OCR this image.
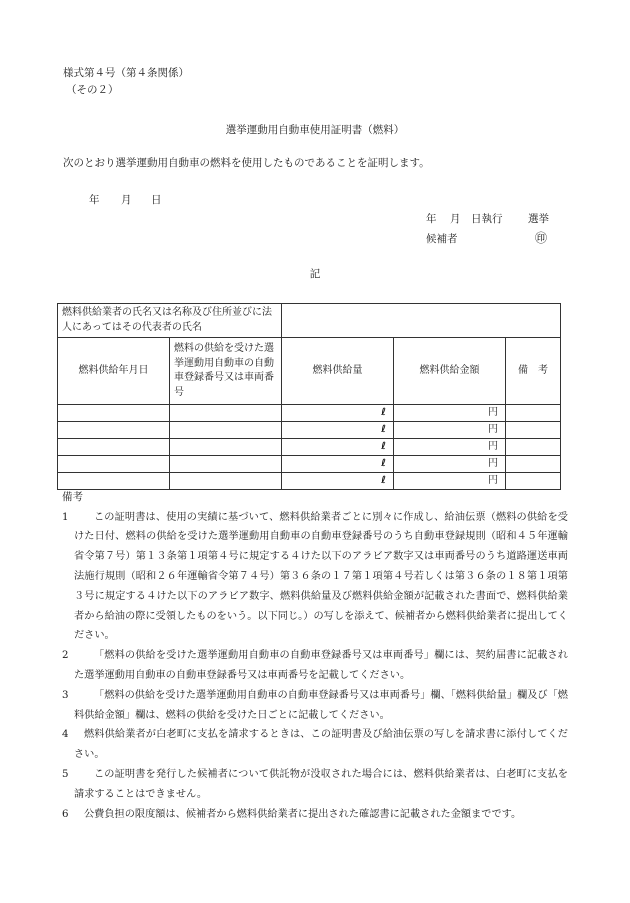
様式第４号（第４条関係）
（その２）
選挙運動用自動車使用証明書（燃料）
次のとおり選挙運動用自動車の燃料を使用したものであることを証明します。
年 月 日
年 月 日執行 選挙
候補者	㊞
記
燃料供給業者の氏名又は名称及び住所並びに法人にあってはその代表者の氏名				
燃料供給年月日	燃料の供給を受けた選挙運動用自動車の自動車登録番号又は車両番号	燃料供給量	燃料供給金額	備　考
		ℓ	円	
		ℓ	円	
		ℓ	円	
		ℓ	円	
		ℓ	円	
備考
1	この証明書は、使用の実績に基づいて、燃料供給業者ごとに別々に作成し、給油伝票（燃料の供給を受けた日付、燃料の供給を受けた選挙運動用自動車の自動車登録番号のうち自動車登録規則（昭和４５年運輸省令第７号）第１３条第１項第４号に規定する４けた以下のアラビア数字又は車両番号のうち道路運送車両法施行規則（昭和２６年運輸省令第７４号）第３６条の１７第１項第４号若しくは第３６条の１８第１項第３号に規定する４けた以下のアラビア数字、燃料供給量及び燃料供給金額が記載された書面で、燃料供給業者から給油の際に受領したものをいう。以下同じ。）の写しを添えて、候補者から燃料供給業者に提出してください。
2	「燃料の供給を受けた選挙運動用自動車の自動車登録番号又は車両番号」欄には、契約届書に記載された選挙運動用自動車の自動車登録番号又は車両番号を記載してください。
3	「燃料の供給を受けた選挙運動用自動車の自動車登録番号又は車両番号」欄、「燃料供給量」欄及び「燃料供給金額」欄は、燃料の供給を受けた日ごとに記載してください。
4	燃料供給業者が白老町に支払を請求するときは、この証明書及び給油伝票の写しを請求書に添付してください。
5	この証明書を発行した候補者について供託物が没収された場合には、燃料供給業者は、白老町に支払を請求することはできません。
6	公費負担の限度額は、候補者から燃料供給業者に提出された確認書に記載された金額までです。
